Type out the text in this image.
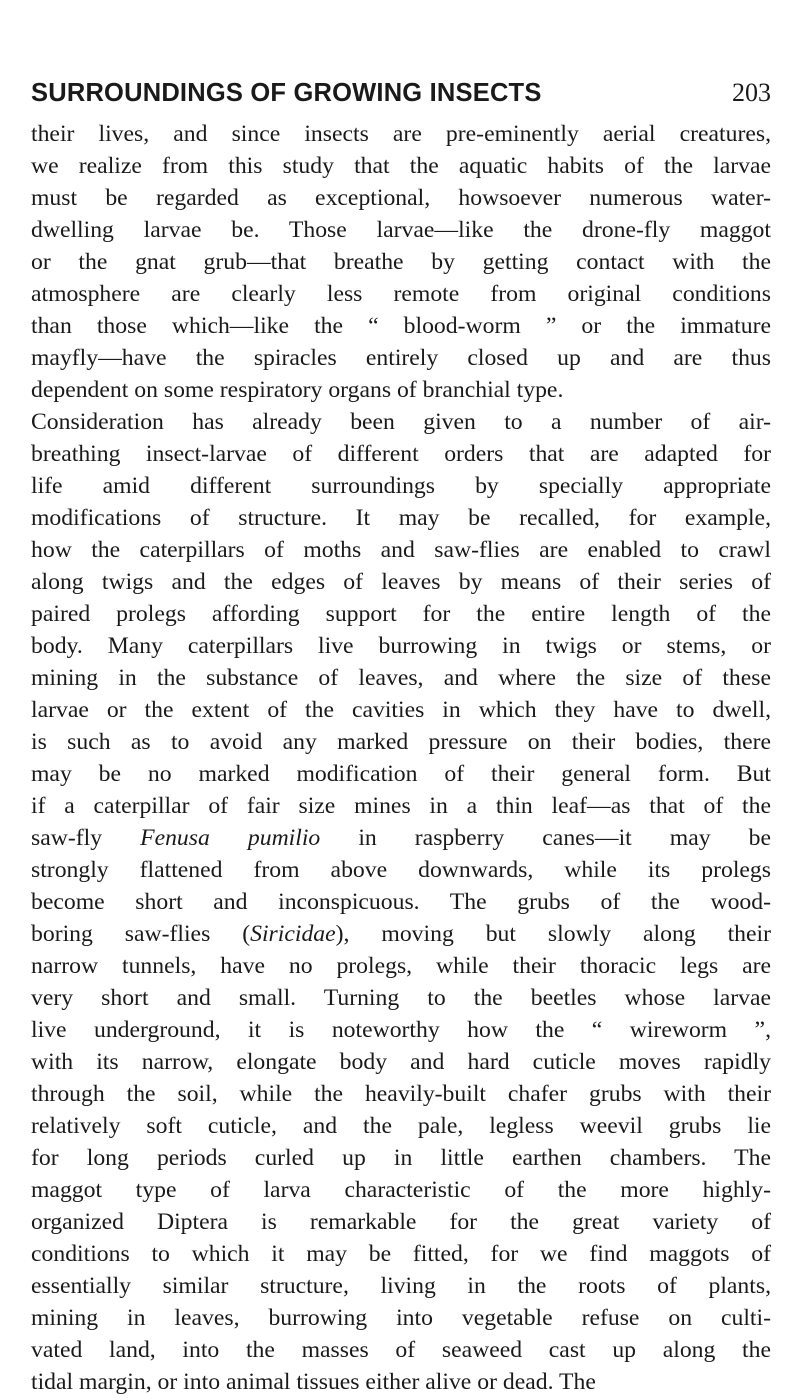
SURROUNDINGS OF GROWING INSECTS	203
their lives, and since insects are pre-eminently aerial creatures,
we realize from this study that the aquatic habits of the larvae
must be regarded as exceptional, howsoever numerous water-
dwelling larvae be. Those larvae—like the drone-fly maggot
or the gnat grub—that breathe by getting contact with the
atmosphere are clearly less remote from original conditions
than those which—like the “ blood-worm ” or the immature
mayfly—have the spiracles entirely closed up and are thus
dependent on some respiratory organs of branchial type.
Consideration has already been given to a number of air-
breathing insect-larvae of different orders that are adapted for
life amid different surroundings by specially appropriate
modifications of structure. It may be recalled, for example,
how the caterpillars of moths and saw-flies are enabled to crawl
along twigs and the edges of leaves by means of their series of
paired prolegs affording support for the entire length of the
body. Many caterpillars live burrowing in twigs or stems, or
mining in the substance of leaves, and where the size of these
larvae or the extent of the cavities in which they have to dwell,
is such as to avoid any marked pressure on their bodies, there
may be no marked modification of their general form. But
if a caterpillar of fair size mines in a thin leaf—as that of the
saw-fly Fenusa pumilio in raspberry canes—it may be
strongly flattened from above downwards, while its prolegs
become short and inconspicuous. The grubs of the wood-
boring saw-flies (Siricidae), moving but slowly along their
narrow tunnels, have no prolegs, while their thoracic legs are
very short and small. Turning to the beetles whose larvae
live underground, it is noteworthy how the “ wireworm ”,
with its narrow, elongate body and hard cuticle moves rapidly
through the soil, while the heavily-built chafer grubs with their
relatively soft cuticle, and the pale, legless weevil grubs lie
for long periods curled up in little earthen chambers. The
maggot type of larva characteristic of the more highly-
organized Diptera is remarkable for the great variety of
conditions to which it may be fitted, for we find maggots of
essentially similar structure, living in the roots of plants,
mining in leaves, burrowing into vegetable refuse on culti-
vated land, into the masses of seaweed cast up along the
tidal margin, or into animal tissues either alive or dead. The
